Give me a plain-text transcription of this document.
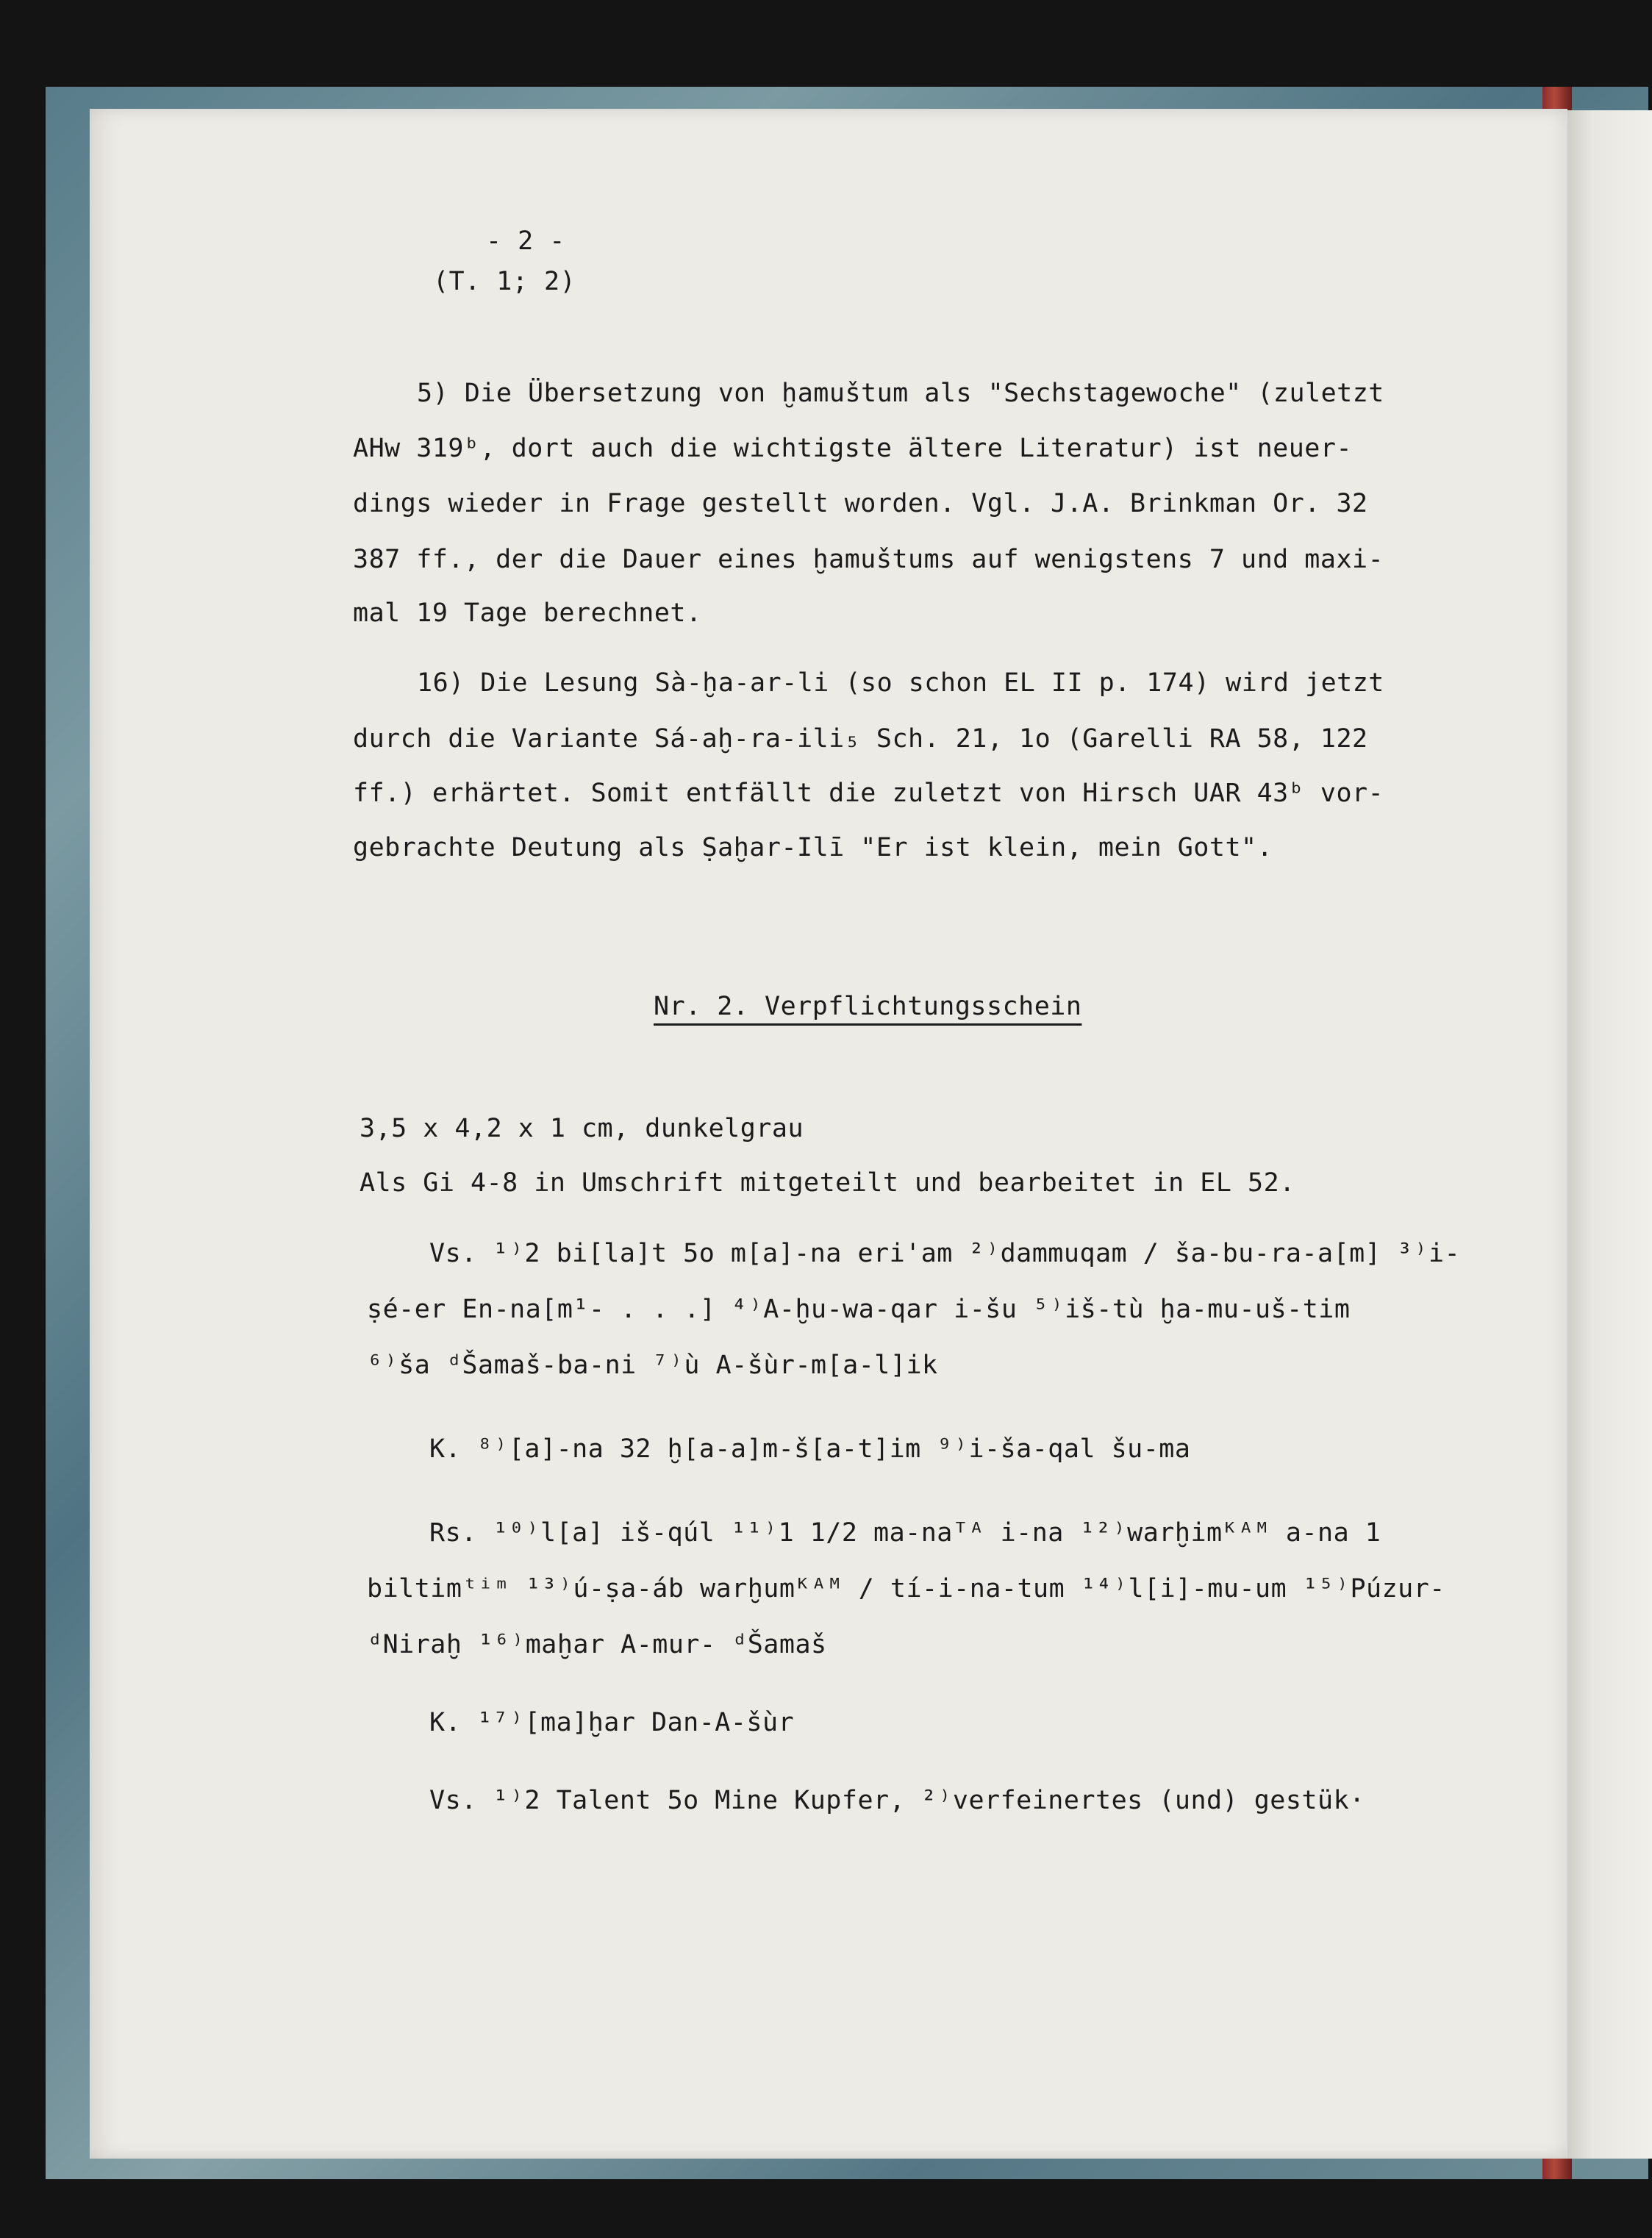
- 2 -

(T. 1; 2)

5) Die Übersetzung von ḫamuštum als "Sechstagewoche" (zuletzt

AHw 319ᵇ, dort auch die wichtigste ältere Literatur) ist neuer-

dings wieder in Frage gestellt worden. Vgl. J.A. Brinkman Or. 32

387 ff., der die Dauer eines ḫamuštums auf wenigstens 7 und maxi-

mal 19 Tage berechnet.

16) Die Lesung Sà-ḫa-ar-li (so schon EL II p. 174) wird jetzt

durch die Variante Sá-aḫ-ra-ili₅ Sch. 21, 1o (Garelli RA 58, 122

ff.) erhärtet. Somit entfällt die zuletzt von Hirsch UAR 43ᵇ vor-

gebrachte Deutung als Ṣaḫar-Ilī "Er ist klein, mein Gott".

Nr. 2. Verpflichtungsschein

3,5 x 4,2 x 1 cm, dunkelgrau

Als Gi 4-8 in Umschrift mitgeteilt und bearbeitet in EL 52.

Vs. ¹⁾2 bi[la]t 5o m[a]-na eri'am ²⁾dammuqam / ša-bu-ra-a[m] ³⁾i-

ṣé-er En-na[m¹- . . .] ⁴⁾A-ḫu-wa-qar i-šu ⁵⁾iš-tù ḫa-mu-uš-tim

⁶⁾ša ᵈŠamaš-ba-ni ⁷⁾ù A-šùr-m[a-l]ik

K. ⁸⁾[a]-na 32 ḫ[a-a]m-š[a-t]im ⁹⁾i-ša-qal šu-ma

Rs. ¹⁰⁾l[a] iš-qúl ¹¹⁾1 1/2 ma-naᵀᴬ i-na ¹²⁾warḫimᴷᴬᴹ a-na 1

biltimᵗⁱᵐ ¹³⁾ú-ṣa-áb warḫumᴷᴬᴹ / tí-i-na-tum ¹⁴⁾l[i]-mu-um ¹⁵⁾Púzur-

ᵈNiraḫ ¹⁶⁾maḫar A-mur- ᵈŠamaš

K. ¹⁷⁾[ma]ḫar Dan-A-šùr

Vs. ¹⁾2 Talent 5o Mine Kupfer, ²⁾verfeinertes (und) gestük·
